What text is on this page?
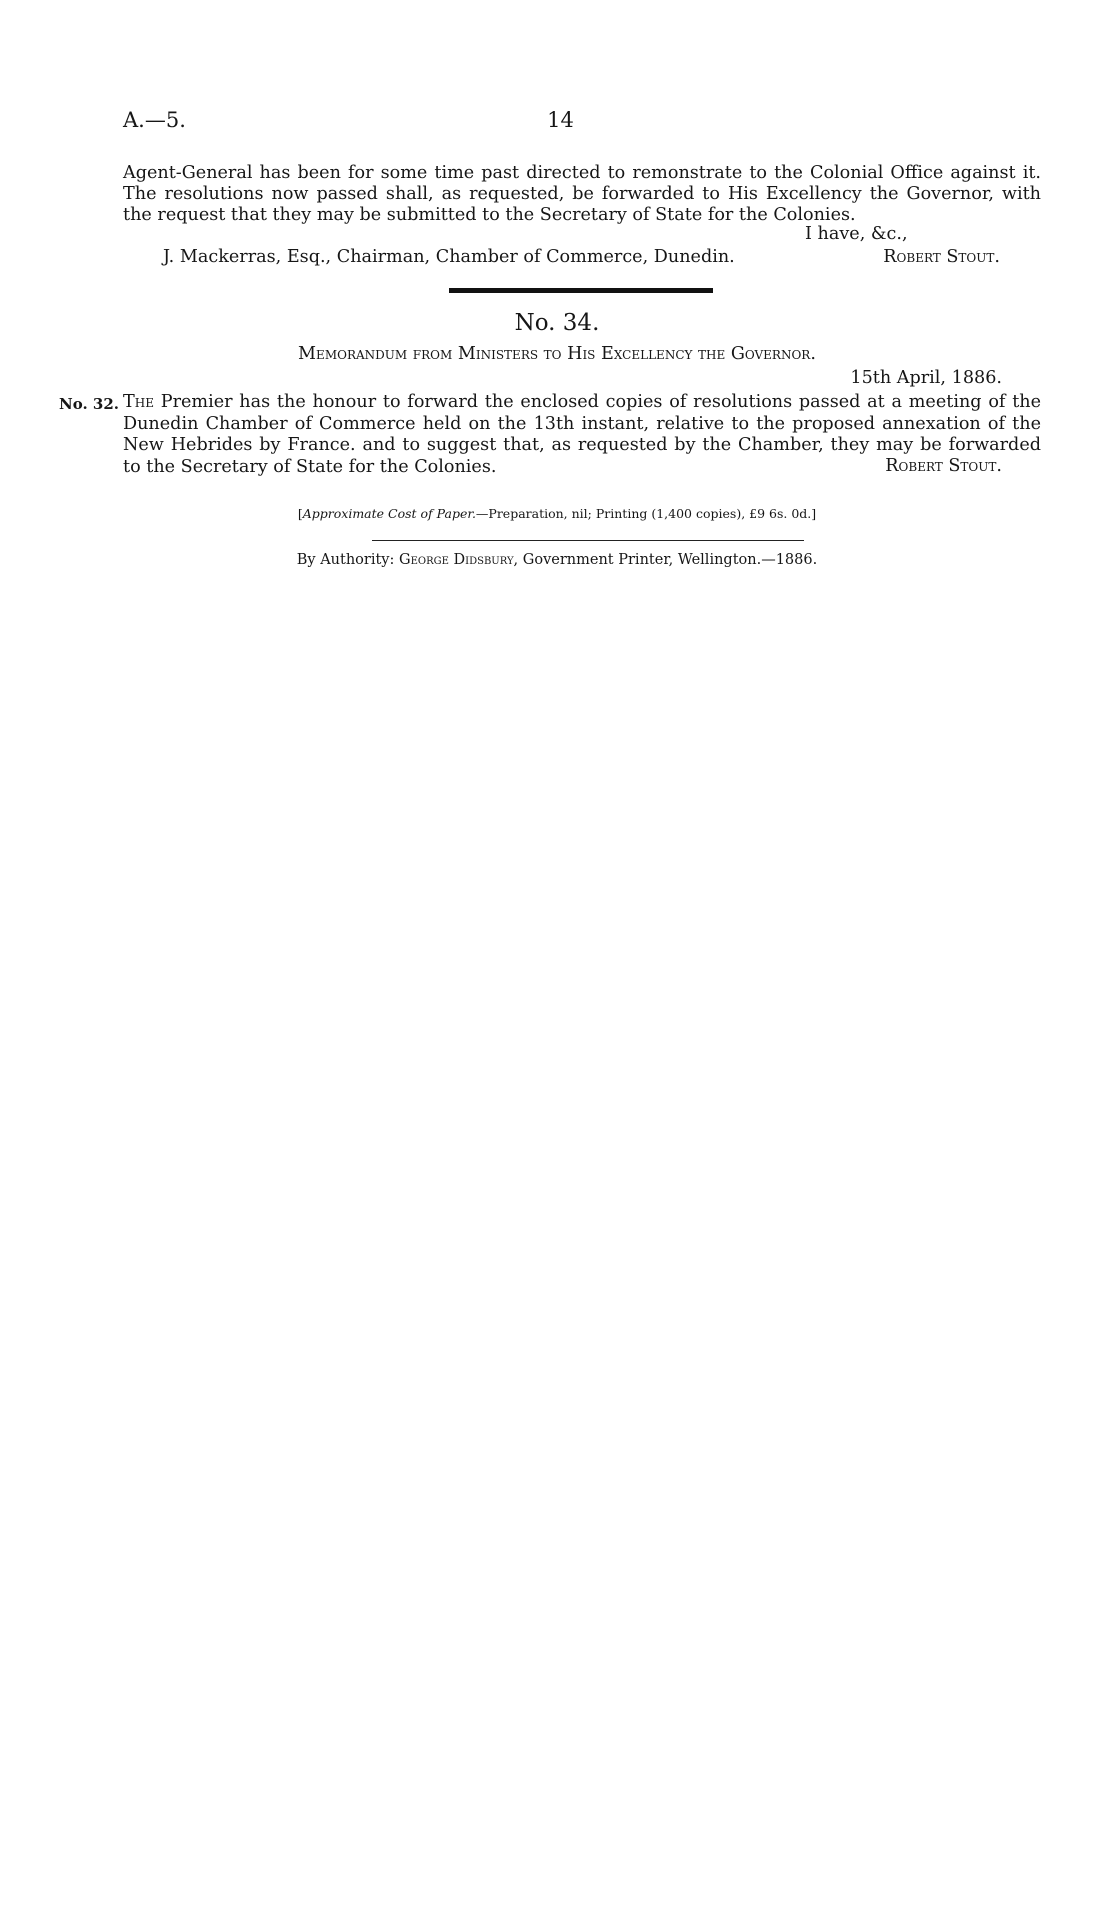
A.—5.	14

Agent-General has been for some time past directed to remonstrate to the Colonial Office against it. The resolutions now passed shall, as requested, be forwarded to His Excellency the Governor, with the request that they may be submitted to the Secretary of State for the Colonies.

I have, &c.,
J. Mackerras, Esq., Chairman, Chamber of Commerce, Dunedin.	Robert Stout.
No. 34.
Memorandum from Ministers to His Excellency the Governor.
15th April, 1886.
No. 32. The Premier has the honour to forward the enclosed copies of resolutions passed at a meeting of the Dunedin Chamber of Commerce held on the 13th instant, relative to the proposed annexation of the New Hebrides by France. and to suggest that, as requested by the Chamber, they may be forwarded to the Secretary of State for the Colonies.	Robert Stout.
[Approximate Cost of Paper.—Preparation, nil; Printing (1,400 copies), £9 6s. 0d.]
By Authority: George Didsbury, Government Printer, Wellington.—1886.
